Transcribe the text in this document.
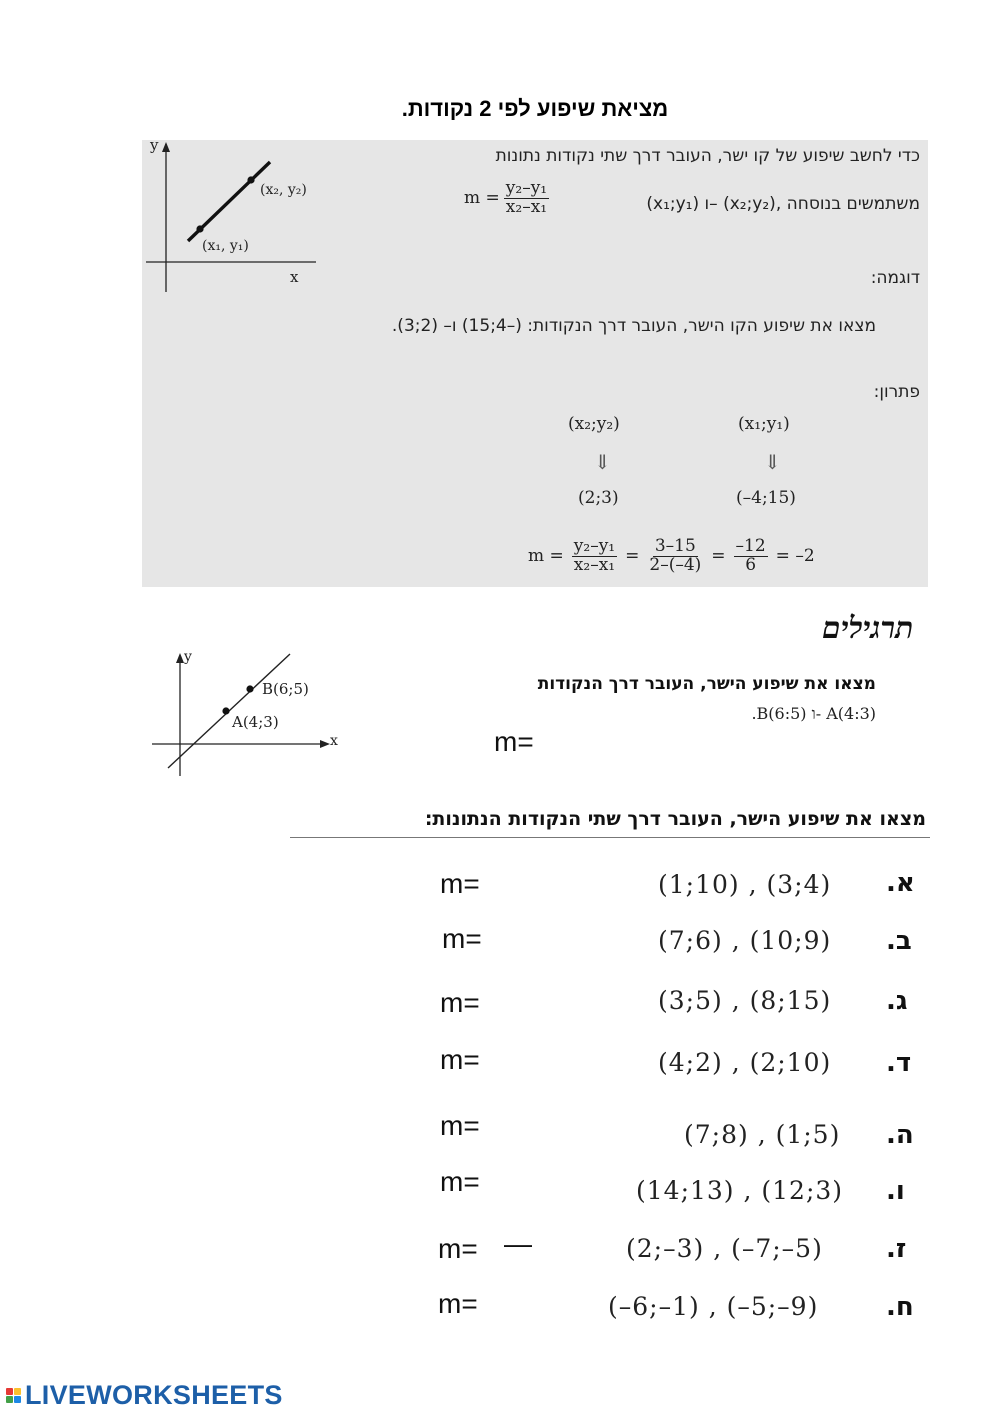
מציאת שיפוע לפי 2 נקודות.
y
x
(x₂, y₂)
(x₁, y₁)
כדי לחשב שיפוע של קו ישר, העובר דרך שתי נקודות נתונות
(x₁;y₁) ו– (x₂;y₂), משתמשים בנוסחה
$m = \frac{\text{y₂–y₁}}{\text{x₂–x₁}}$
דוגמה:
מצאו את שיפוע הקו הישר, העובר דרך הנקודות: (–4;15) ו– (2;3).
פתרון:
(x₁;y₁)
(x₂;y₂)
⇓
⇓
(–4;15)
(2;3)
$m = \frac{\text{y₂–y₁}}{\text{x₂–x₁}} = \frac{3-15}{2-(-4)} = \frac{-12}{6} = -2$
תרגילים
y
x
A(4;3)
B(6;5)	מצאו את שיפוע הישר, העובר דרך הנקודות
.B(6:5) ו- A(4:3)
m=
מצאו את שיפוע הישר, העובר דרך שתי הנקודות הנתונות:
m=	(1;10) , (3;4) א.
m=	(7;6) , (10;9) ב.
m=	(3;5) , (8;15) ג.
m=	(4;2) , (2;10) ד.
m=	(7;8) , (1;5) ה.
m=	(14;13) , (12;3) ו.
m= —	(2;–3) , (–7;–5) ז.
m=	(–6;–1) , (–5;–9)	ח.
LIVEWORKSHEETS
